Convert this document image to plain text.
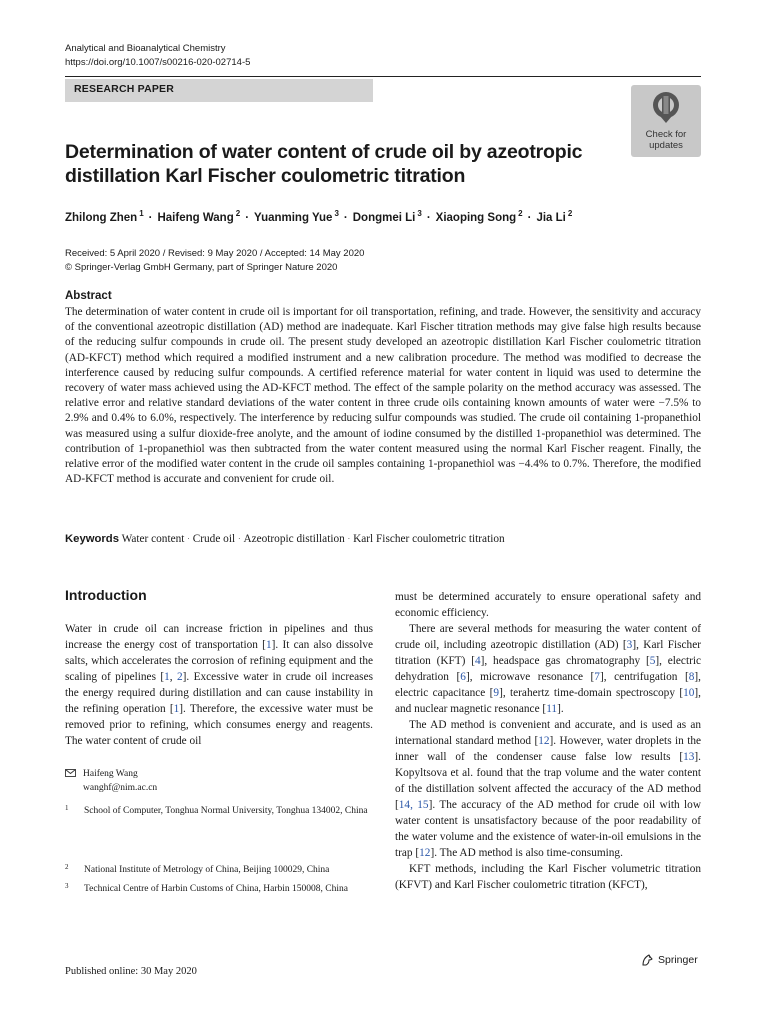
Analytical and Bioanalytical Chemistry
https://doi.org/10.1007/s00216-020-02714-5
RESEARCH PAPER
Check for
updates
Determination of water content of crude oil by azeotropic distillation Karl Fischer coulometric titration
Zhilong Zhen $^1$ · Haifeng Wang $^2$ · Yuanming Yue $^3$ · Dongmei Li $^3$ · Xiaoping Song $^2$ · Jia Li $^2$
Received: 5 April 2020 / Revised: 9 May 2020 / Accepted: 14 May 2020
© Springer-Verlag GmbH Germany, part of Springer Nature 2020
Abstract
The determination of water content in crude oil is important for oil transportation, refining, and trade. However, the sensitivity and accuracy of the conventional azeotropic distillation (AD) method are inadequate. Karl Fischer titration methods may give false high results because of the reducing sulfur compounds in crude oil. The present study developed an azeotropic distillation Karl Fischer coulometric titration (AD-KFCT) method which required a modified instrument and a new calibration procedure. The method was modified to decrease the interference caused by reducing sulfur compounds. A certified reference material for water content in liquid was used to determine the recovery of water mass achieved using the AD-KFCT method. The effect of the sample polarity on the method accuracy was assessed. The relative error and relative standard deviations of the water content in three crude oils containing known amounts of water were −7.5% to 2.9% and 0.4% to 6.0%, respectively. The interference by reducing sulfur compounds was studied. The crude oil containing 1-propanethiol was measured using a sulfur dioxide-free anolyte, and the amount of iodine consumed by the distilled 1-propanethiol was determined. The contribution of 1-propanethiol was then subtracted from the water content measured using the normal Karl Fischer reagent. Finally, the relative error of the modified water content in the crude oil samples containing 1-propanethiol was −4.4% to 0.7%. Therefore, the modified AD-KFCT method is accurate and convenient for crude oil.
Keywords Water content · Crude oil · Azeotropic distillation · Karl Fischer coulometric titration
Introduction

Water in crude oil can increase friction in pipelines and thus increase the energy cost of transportation [1]. It can also dissolve salts, which accelerates the corrosion of refining equipment and the scaling of pipelines [1, 2]. Excessive water in crude oil increases the energy required during distillation and can cause instability in the refining operation [1]. Therefore, the excessive water must be removed prior to refining, which consumes energy and reagents. The water content of crude oil

must be determined accurately to ensure operational safety and economic efficiency.

There are several methods for measuring the water content of crude oil, including azeotropic distillation (AD) [3], Karl Fischer titration (KFT) [4], headspace gas chromatography [5], electric dehydration [6], microwave resonance [7], centrifugation [8], electric capacitance [9], terahertz time-domain spectroscopy [10], and nuclear magnetic resonance [11].

The AD method is convenient and accurate, and is used as an international standard method [12]. However, water droplets in the inner wall of the condenser cause false low results [13]. Kopyltsova et al. found that the trap volume and the water content of the distillation solvent affected the accuracy of the AD method [14, 15]. The accuracy of the AD method for crude oil with low water content is unsatisfactory because of the poor readability of the water volume and the existence of water-in-oil emulsions in the trap [12]. The AD method is also time-consuming.

KFT methods, including the Karl Fischer volumetric titration (KFVT) and Karl Fischer coulometric titration (KFCT),

Haifeng Wang
wanghf@nim.ac.cn
1 School of Computer, Tonghua Normal University, Tonghua 134002, China
2 National Institute of Metrology of China, Beijing 100029, China
3 Technical Centre of Harbin Customs of China, Harbin 150008, China
Published online: 30 May 2020
Springer
